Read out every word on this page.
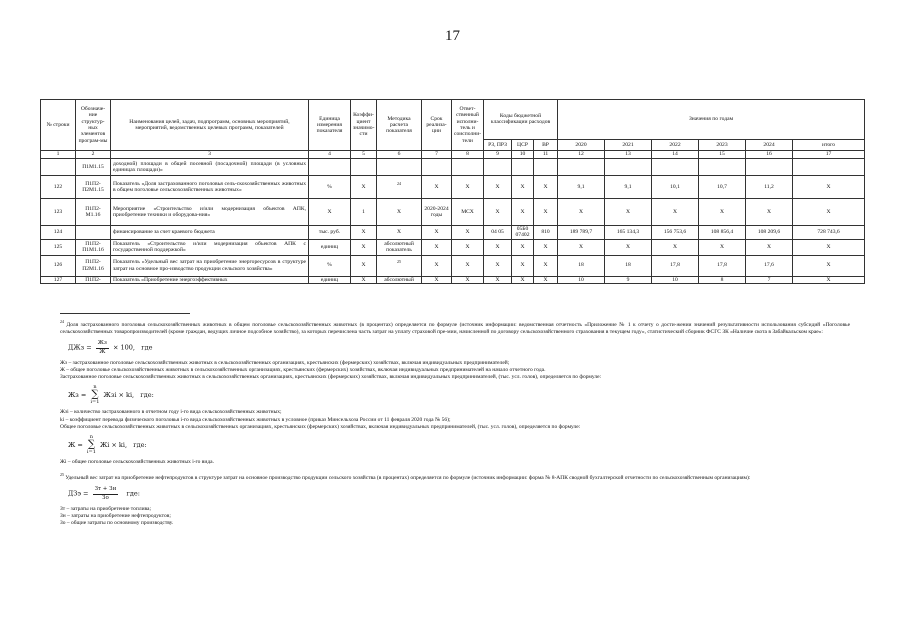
17
№ строки	Обозначе-ние структур-ных элементов програм-мы	Наименования целей, задач, подпрограмм, основных мероприятий, мероприятий, ведомственных целевых программ, показателей	Единица измерения показателя	Коэффи-циент значимо-сти	Методика расчета показателя	Срок реализа-ции	Ответ-ственный исполни-тель и соисполни-тели	Коды бюджетной классификации расходов			Значения по годам					
								РЗ, ПРЗ	ЦСР	ВР	2020	2021	2022	2023	2024	итого
1	2	3	4	5	6	7	8	9	10	11	12	13	14	15	16	17
	П1М1.15	доходной) площади в общей посевной (посадочной) площади (в условных единицах площади)»														
122	П1П2-П2М1.15	Показатель «Доля застрахованного поголовья сель-скохозяйственных животных в общем поголовье сельскохозяйственных животных»	%	X	$^{24}$	X	X	X	X	X	9,1	9,1	10,1	10,7	11,2	X
123	П1П2-М1.16	Мероприятие «Строительство и/или модернизация объектов АПК, приобретение техники и оборудова-ния»	X	1	X	2020-2024 годы	МСХ	X	X	X	X	X	X	X	X	X
124		финансирование за счет краевого бюджета	тыс. руб.	X	X	X	X	04 05	05Б0 07402	810	189 789,7	165 134,3	156 753,6	108 856,4	108 209,6	728 743,6
125	П1П2-П1М1.16	Показатель «Строительство и/или модернизация объектов АПК с государственной поддержкой»	единиц	X	абсолютный показатель	X	X	X	X	X	X	X	X	X	X	X
126	П1П2-П2М1.16	Показатель «Удельный вес затрат на приобретение энергоресурсов в структуре затрат на основное про-изводство продукции сельского хозяйства»	%	X	$^{25}$	X	X	X	X	X	18	18	17,8	17,8	17,6	X
127	П1П2-	Показатель «Приобретение энергоэффективных	единиц	X	абсолютный	X	X	X	X	X	10	9	10	8	7	X

$^{24}$ Доля застрахованного поголовья сельскохозяйственных животных в общем поголовье сельскохозяйственных животных (в процентах) определяется по формуле (источник информации: ведомственная отчетность «Приложение № 1 к отчету о дости-жении значений результативности использования субсидий «Поголовье сельскохозяйственных товаропроизводителей (кроме граждан, ведущих личное подсобное хозяйство), за которых перечислена часть затрат на уплату страховой пре-мии, начисленной по договору сельскохозяйственного страхования в текущем году», статистический сборник ФСГС ЗК «Наличие скота в Забайкальском крае»:

ДЖз = $\frac{Жз}{Ж} \times 100$, где

Жз – застрахованное поголовье сельскохозяйственных животных в сельскохозяйственных организациях, крестьянских (фермерских) хозяйствах, включая индивидуальных предпринимателей;

Ж – общее поголовье сельскохозяйственных животных в сельскохозяйственных организациях, крестьянских (фермерских) хозяйствах, включая индивидуальных предпринимателей на начало отчетного года.

Застрахованное поголовье сельскохозяйственных животных в сельскохозяйственных организациях, крестьянских (фермерских) хозяйствах, включая индивидуальных предпринимателей, (тыс. усл. голов), определяется по формуле:

Жз = n
∑
i=1 Жзi × ki, где:

Жзi – количество застрахованного в отчетном году i-го вида сельскохозяйственных животных;

ki – коэффициент перевода физического поголовья i-го вида сельскохозяйственных животных в условное (приказ Минсельхоза России от 11 февраля 2020 года № 56);

Общее поголовье сельскохозяйственных животных в сельскохозяйственных организациях, крестьянских (фермерских) хозяйствах, включая индивидуальных предпринимателей, (тыс. усл. голов), определяется по формуле:

Ж = n
∑
i=1 Жi × ki, где:

Жi – общее поголовье сельскохозяйственных животных i-го вида.

$^{25}$ Удельный вес затрат на приобретение нефтепродуктов в структуре затрат на основное производство продукции сельского хозяйства (в процентах) определяется по формуле (источник информации: форма № 8-АПК сводной бухгалтерской отчетности по сельскохозяйственным организациям):

ДЗэ = $\frac{Зт + Зн}{Зо}$ где:

Зт – затраты на приобретение топлива;

Зн – затраты на приобретение нефтепродуктов;

Зо – общие затраты по основному производству.
